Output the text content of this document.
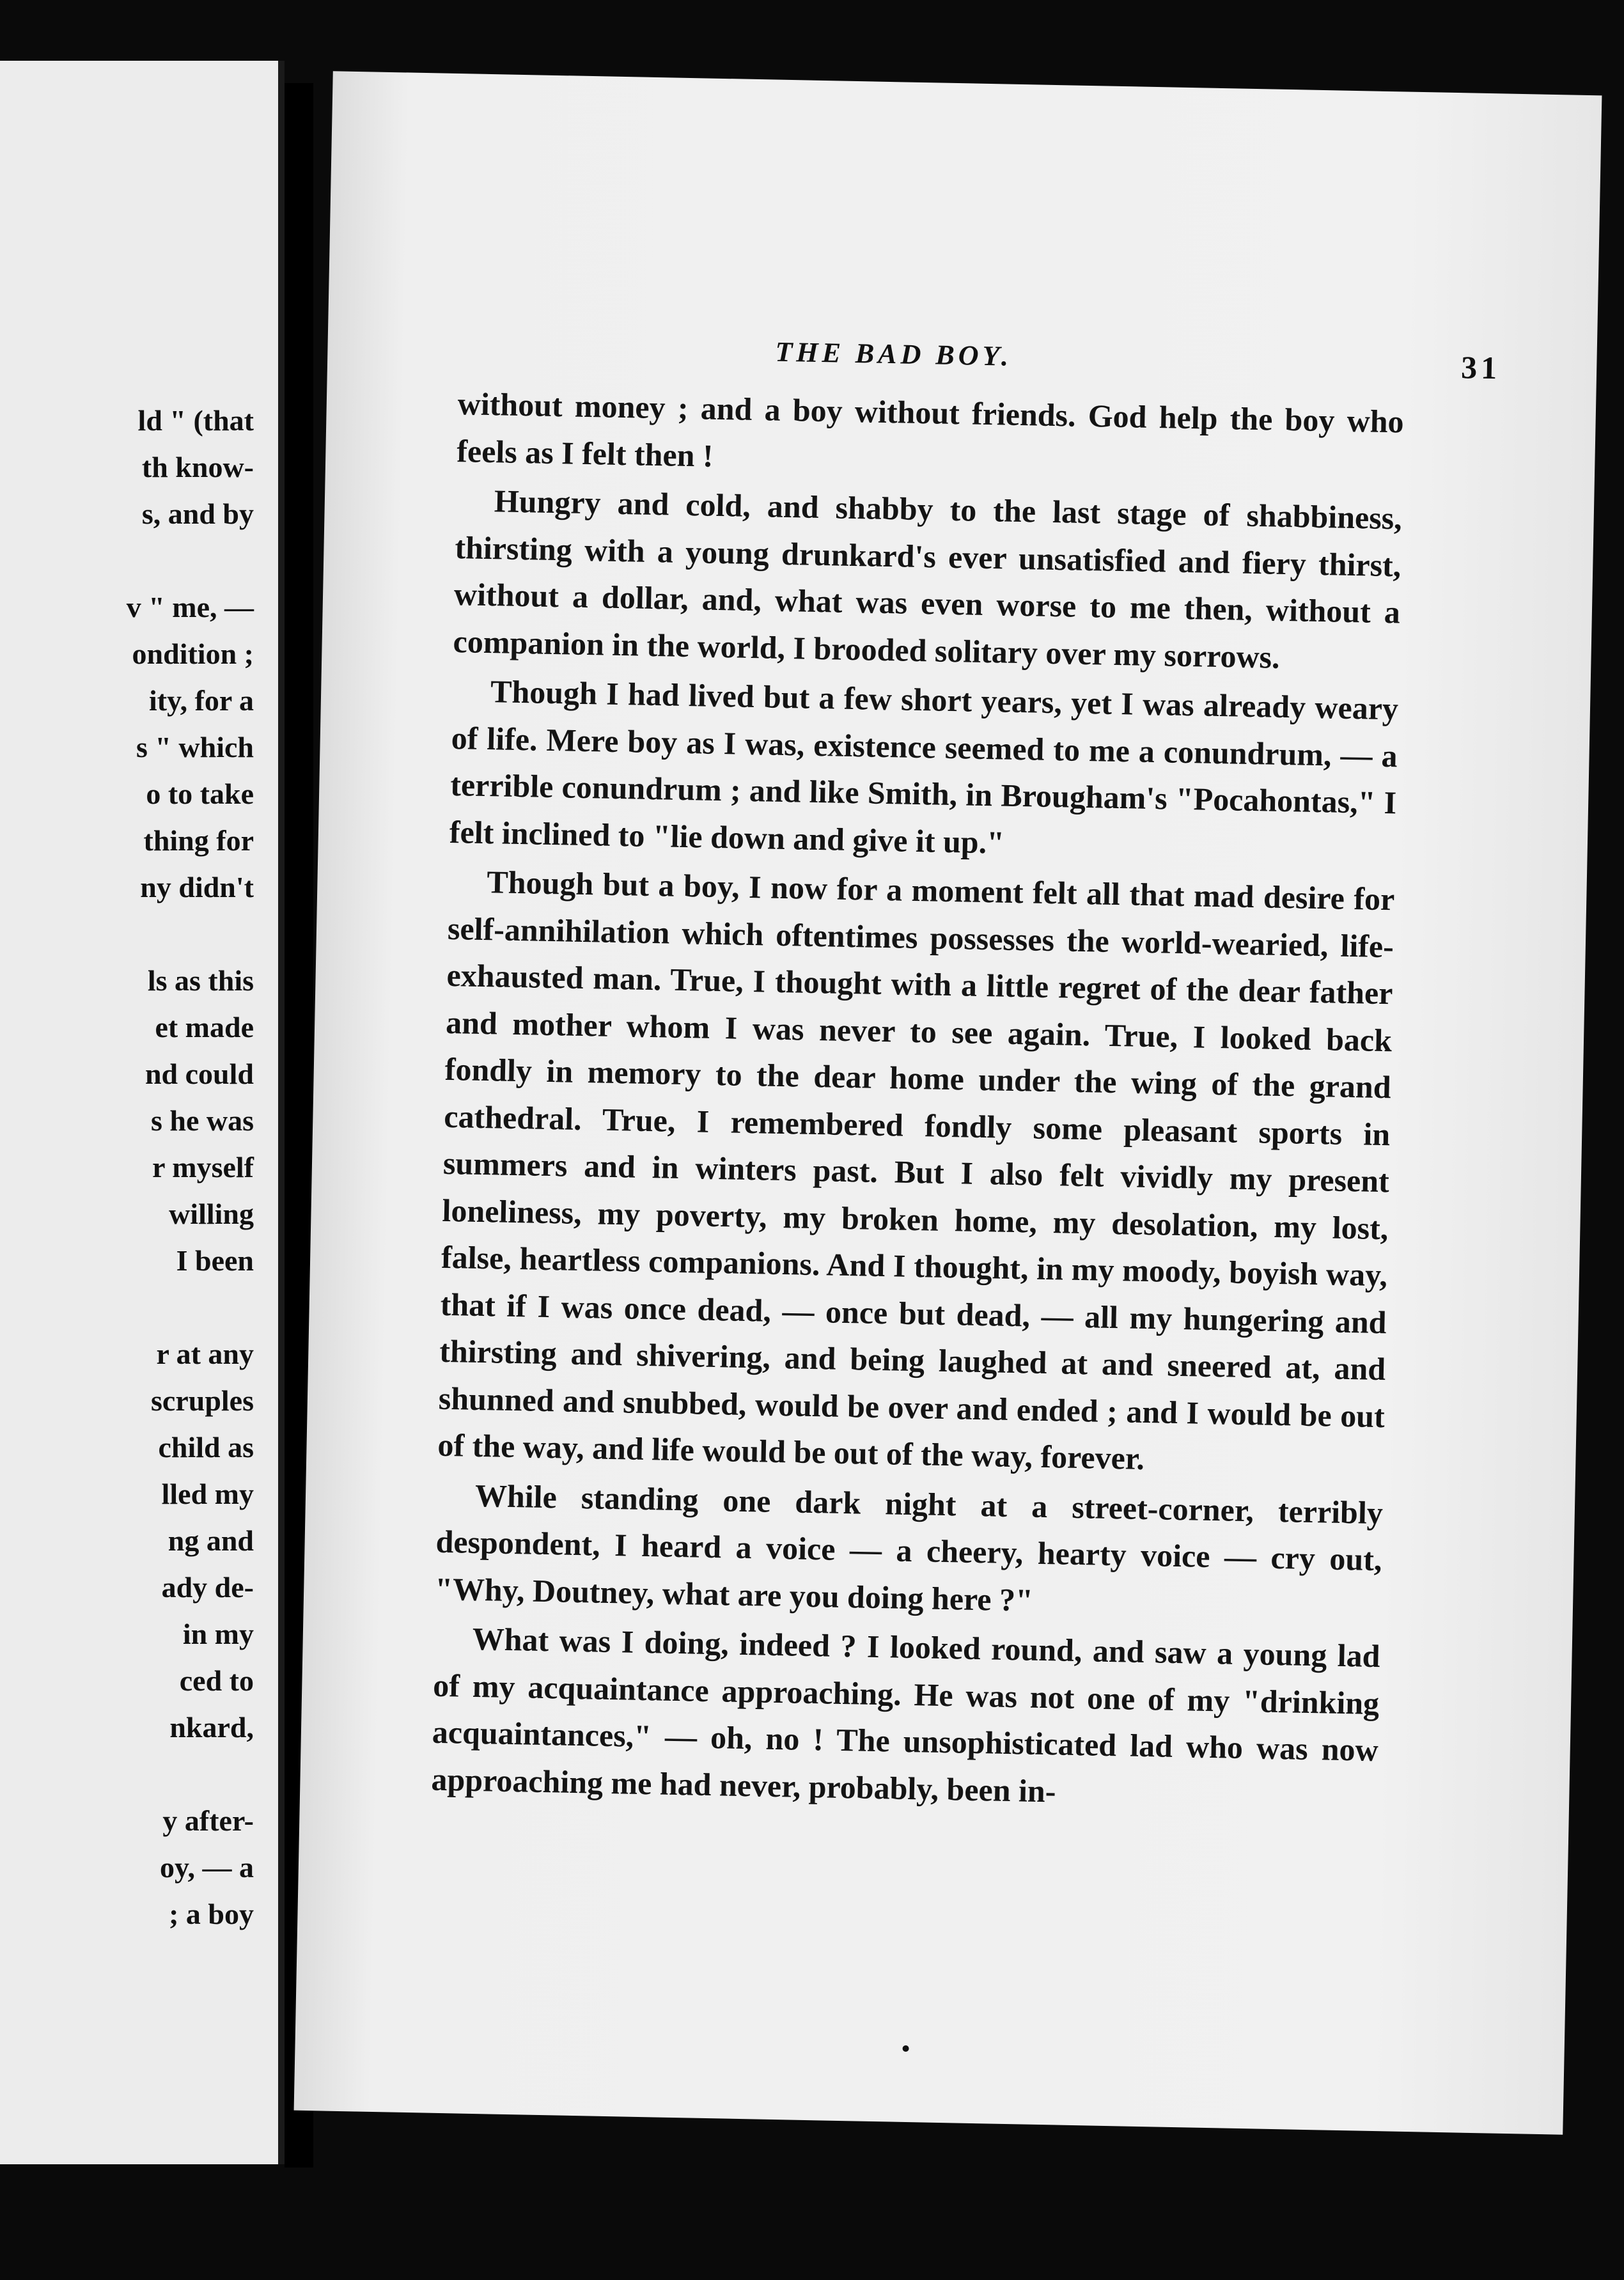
ld " (that
th know-
s, and by
v " me, —
ondition ;
ity, for a
s " which
o to take
thing for
ny didn't
ls as this
et made
nd could
s he was
r myself
willing
I been
r at any
scruples
child as
lled my
ng and
ady de-
in my
ced to
nkard,
y after-
oy, — a
; a boy
THE BAD BOY.	31

without money ; and a boy without friends. God help the boy who feels as I felt then !

Hungry and cold, and shabby to the last stage of shabbiness, thirsting with a young drunkard's ever unsatisfied and fiery thirst, without a dollar, and, what was even worse to me then, without a companion in the world, I brooded solitary over my sorrows.

Though I had lived but a few short years, yet I was already weary of life. Mere boy as I was, existence seemed to me a conundrum, — a terrible conundrum ; and like Smith, in Brougham's "Pocahontas," I felt inclined to "lie down and give it up."

Though but a boy, I now for a moment felt all that mad desire for self-annihilation which oftentimes possesses the world-wearied, life-exhausted man. True, I thought with a little regret of the dear father and mother whom I was never to see again. True, I looked back fondly in memory to the dear home under the wing of the grand cathedral. True, I remembered fondly some pleasant sports in summers and in winters past. But I also felt vividly my present loneliness, my poverty, my broken home, my desolation, my lost, false, heartless companions. And I thought, in my moody, boyish way, that if I was once dead, — once but dead, — all my hungering and thirsting and shivering, and being laughed at and sneered at, and shunned and snubbed, would be over and ended ; and I would be out of the way, and life would be out of the way, forever.

While standing one dark night at a street-corner, terribly despondent, I heard a voice — a cheery, hearty voice — cry out, "Why, Doutney, what are you doing here ?"

What was I doing, indeed ? I looked round, and saw a young lad of my acquaintance approaching. He was not one of my "drinking acquaintances," — oh, no ! The unsophisticated lad who was now approaching me had never, probably, been in-
